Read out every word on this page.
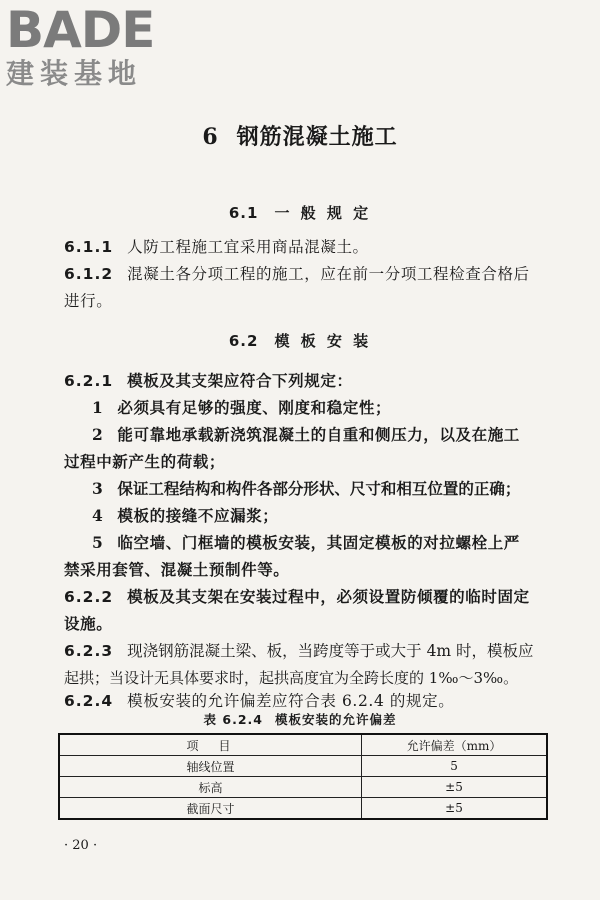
BADE
建装基地
6 钢筋混凝土施工
6.1 一 般 规 定
6.1.1 人防工程施工宜采用商品混凝土。
6.1.2 混凝土各分项工程的施工，应在前一分项工程检查合格后
进行。
6.2 模 板 安 装
6.2.1 模板及其支架应符合下列规定：
1 必须具有足够的强度、刚度和稳定性；
2 能可靠地承载新浇筑混凝土的自重和侧压力，以及在施工
过程中新产生的荷载；
3 保证工程结构和构件各部分形状、尺寸和相互位置的正确；
4 模板的接缝不应漏浆；
5 临空墙、门框墙的模板安装，其固定模板的对拉螺栓上严
禁采用套管、混凝土预制件等。
6.2.2 模板及其支架在安装过程中，必须设置防倾覆的临时固定
设施。
6.2.3 现浇钢筋混凝土梁、板，当跨度等于或大于 4m 时，模板应
起拱；当设计无具体要求时，起拱高度宜为全跨长度的 1‰～3‰。
6.2.4 模板安装的允许偏差应符合表 6.2.4 的规定。
表 6.2.4 模板安装的允许偏差
项　目	允许偏差（mm）
轴线位置	5
标高	±5
截面尺寸	±5
· 20 ·
